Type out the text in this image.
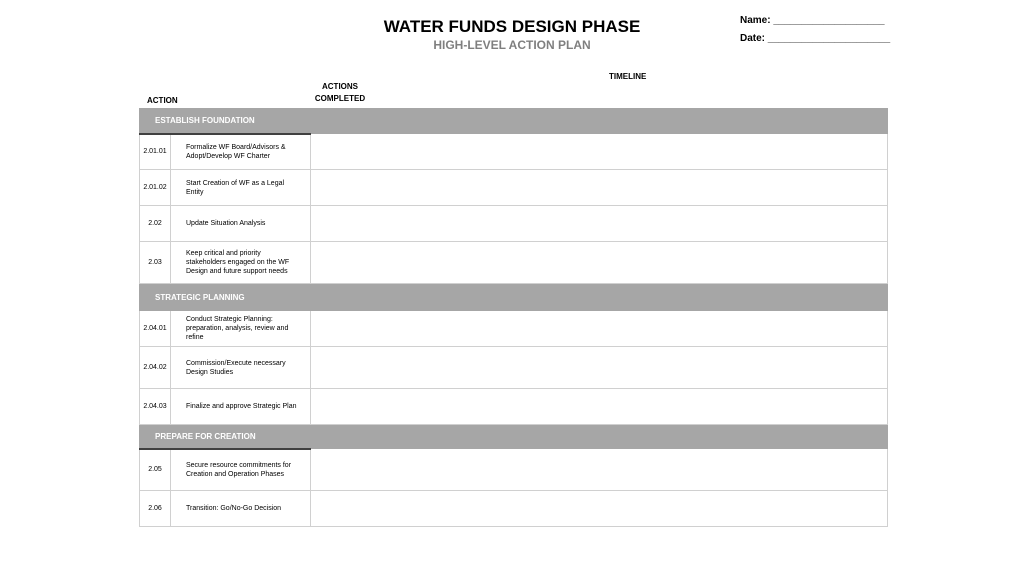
WATER FUNDS DESIGN PHASE
HIGH-LEVEL ACTION PLAN
Name: ____________________
Date: ______________________
TIMELINE
ACTIONS COMPLETED
ACTION
ESTABLISH FOUNDATION		
2.01.01	Formalize WF Board/Advisors & Adopt/Develop WF Charter	
2.01.02	Start Creation of WF as a Legal Entity	
2.02	Update Situation Analysis	
2.03	Keep critical and priority stakeholders engaged on the WF Design and future support needs	
STRATEGIC PLANNING		
2.04.01	Conduct Strategic Planning: preparation, analysis, review and refine	
2.04.02	Commission/Execute necessary Design Studies	
2.04.03	Finalize and approve Strategic Plan	
PREPARE FOR CREATION		
2.05	Secure resource commitments for Creation and Operation Phases	
2.06	Transition: Go/No-Go Decision	
